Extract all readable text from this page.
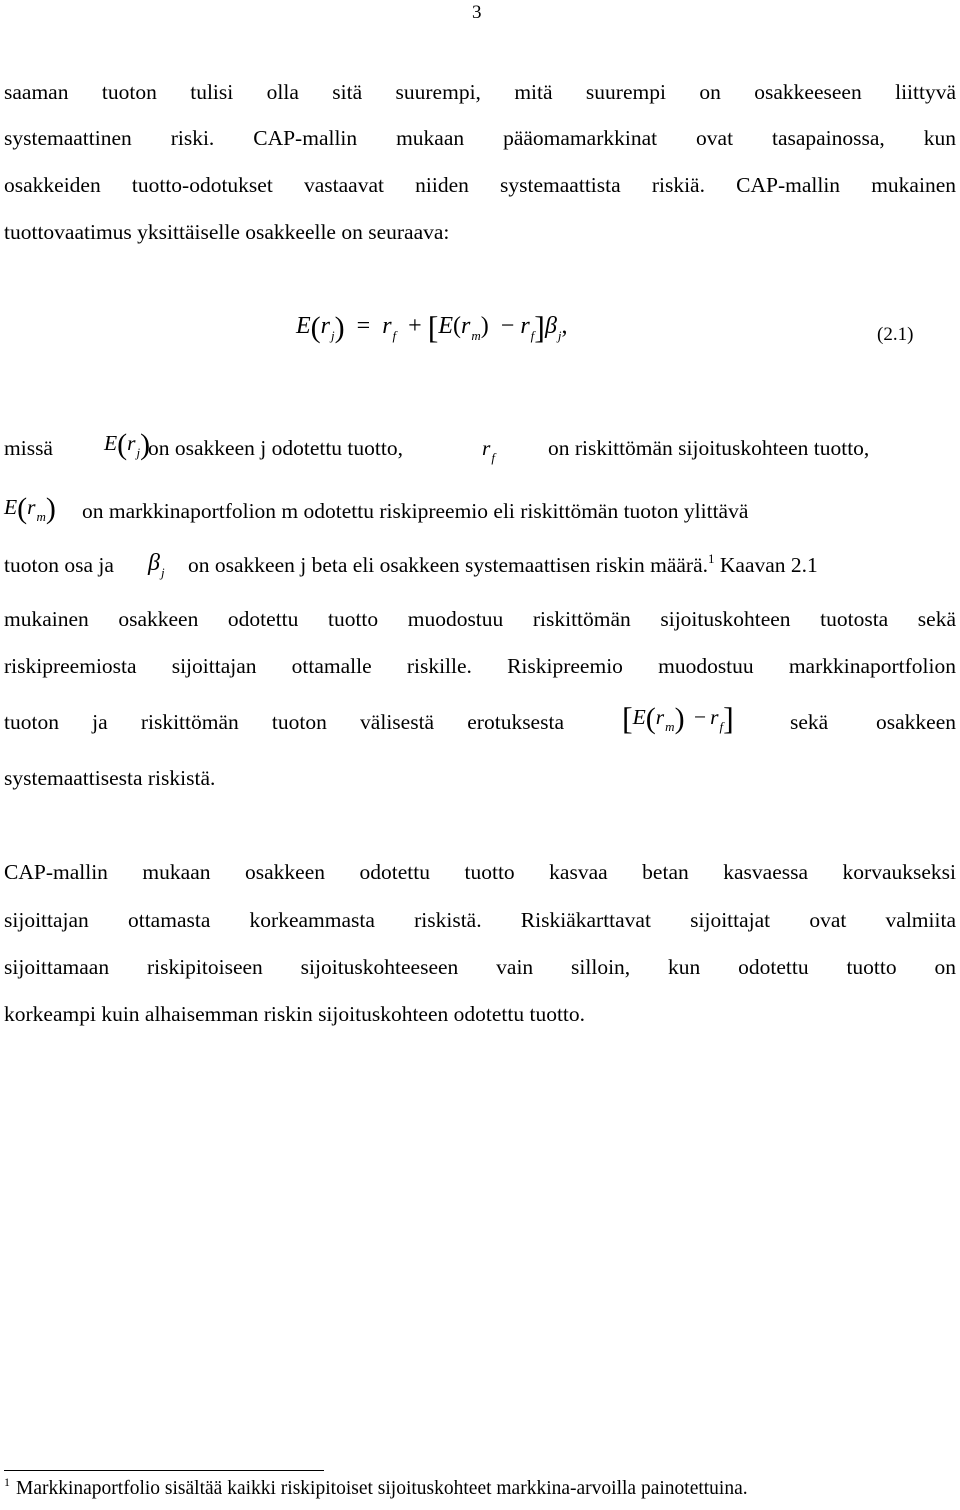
3
saaman tuoton tulisi olla sitä suurempi, mitä suurempi on osakkeeseen liittyvä
systemaattinen riski. CAP-mallin mukaan pääomamarkkinat ovat tasapainossa, kun
osakkeiden tuotto-odotukset vastaavat niiden systemaattista riskiä. CAP-mallin mukainen
tuottovaatimus yksittäiselle osakkeelle on seuraava:
$E(r_j) = r_f + [E(r_m) - r_f]\beta_j$,	(2.1)
missä $E(r_j)$
on osakkeen j odotettu tuotto,	$r_f$ on riskittömän sijoituskohteen tuotto,
$E(r_m)$ on markkinaportfolion m odotettu riskipreemio eli riskittömän tuoton ylittävä
tuoton osa ja $\beta_j$ on osakkeen j beta eli osakkeen systemaattisen riskin määrä.$^1$ Kaavan 2.1
mukainen osakkeen odotettu tuotto muodostuu riskittömän sijoituskohteen tuotosta sekä
riskipreemiosta sijoittajan ottamalle riskille. Riskipreemio muodostuu markkinaportfolion
tuoton ja riskittömän tuoton välisestä erotuksesta $[E(r_m) - r_f]$	sekä osakkeen
systemaattisesta riskistä.
CAP-mallin mukaan osakkeen odotettu tuotto kasvaa betan kasvaessa korvaukseksi
sijoittajan ottamasta korkeammasta riskistä. Riskiäkarttavat sijoittajat ovat valmiita
sijoittamaan riskipitoiseen sijoituskohteeseen vain silloin, kun odotettu tuotto on
korkeampi kuin alhaisemman riskin sijoituskohteen odotettu tuotto.
$^1$ Markkinaportfolio sisältää kaikki riskipitoiset sijoituskohteet markkina-arvoilla painotettuina.
